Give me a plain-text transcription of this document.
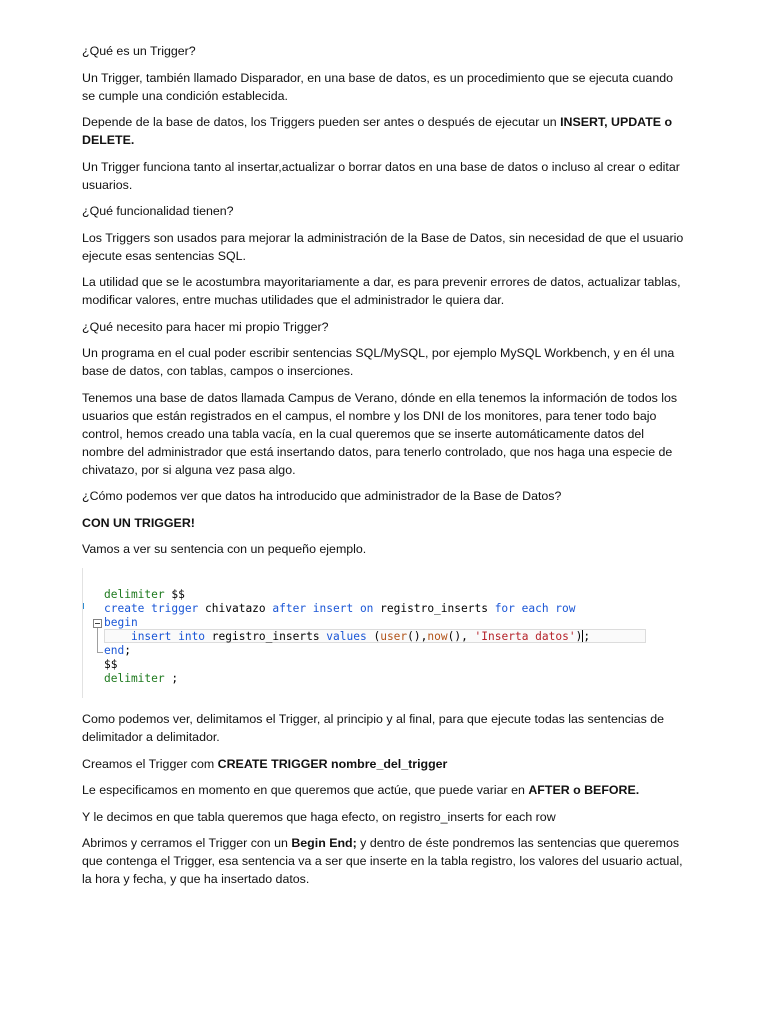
¿Qué es un Trigger?

Un Trigger, también llamado Disparador, en una base de datos, es un procedimiento que se ejecuta cuando se cumple una condición establecida.

Depende de la base de datos, los Triggers pueden ser antes o después de ejecutar un INSERT, UPDATE o DELETE.

Un Trigger funciona tanto al insertar,actualizar o borrar datos en una base de datos o incluso al crear o editar usuarios.

¿Qué funcionalidad tienen?

Los Triggers son usados para mejorar la administración de la Base de Datos, sin necesidad de que el usuario ejecute esas sentencias SQL.

La utilidad que se le acostumbra mayoritariamente a dar, es para prevenir errores de datos, actualizar tablas, modificar valores, entre muchas utilidades que el administrador le quiera dar.

¿Qué necesito para hacer mi propio Trigger?

Un programa en el cual poder escribir sentencias SQL/MySQL, por ejemplo MySQL Workbench, y en él una base de datos, con tablas, campos o inserciones.

Tenemos una base de datos llamada Campus de Verano, dónde en ella tenemos la información de todos los usuarios que están registrados en el campus, el nombre y los DNI de los monitores, para tener todo bajo control, hemos creado una tabla vacía, en la cual queremos que se inserte automáticamente datos del nombre del administrador que está insertando datos, para tenerlo controlado, que nos haga una especie de chivatazo, por si alguna vez pasa algo.

¿Cómo podemos ver que datos ha introducido que administrador de la Base de Datos?

CON UN TRIGGER!

Vamos a ver su sentencia con un pequeño ejemplo.

delimiter $$
create trigger chivatazo after insert on registro_inserts for each row
begin
insert into registro_inserts values (user(),now(), 'Inserta datos');
end;
$$
delimiter ;

Como podemos ver, delimitamos el Trigger, al principio y al final, para que ejecute todas las sentencias de delimitador a delimitador.

Creamos el Trigger com CREATE TRIGGER nombre_del_trigger

Le especificamos en momento en que queremos que actúe, que puede variar en AFTER o BEFORE.

Y le decimos en que tabla queremos que haga efecto, on registro_inserts for each row

Abrimos y cerramos el Trigger con un Begin End; y dentro de éste pondremos las sentencias que queremos que contenga el Trigger, esa sentencia va a ser que inserte en la tabla registro, los valores del usuario actual, la hora y fecha, y que ha insertado datos.
